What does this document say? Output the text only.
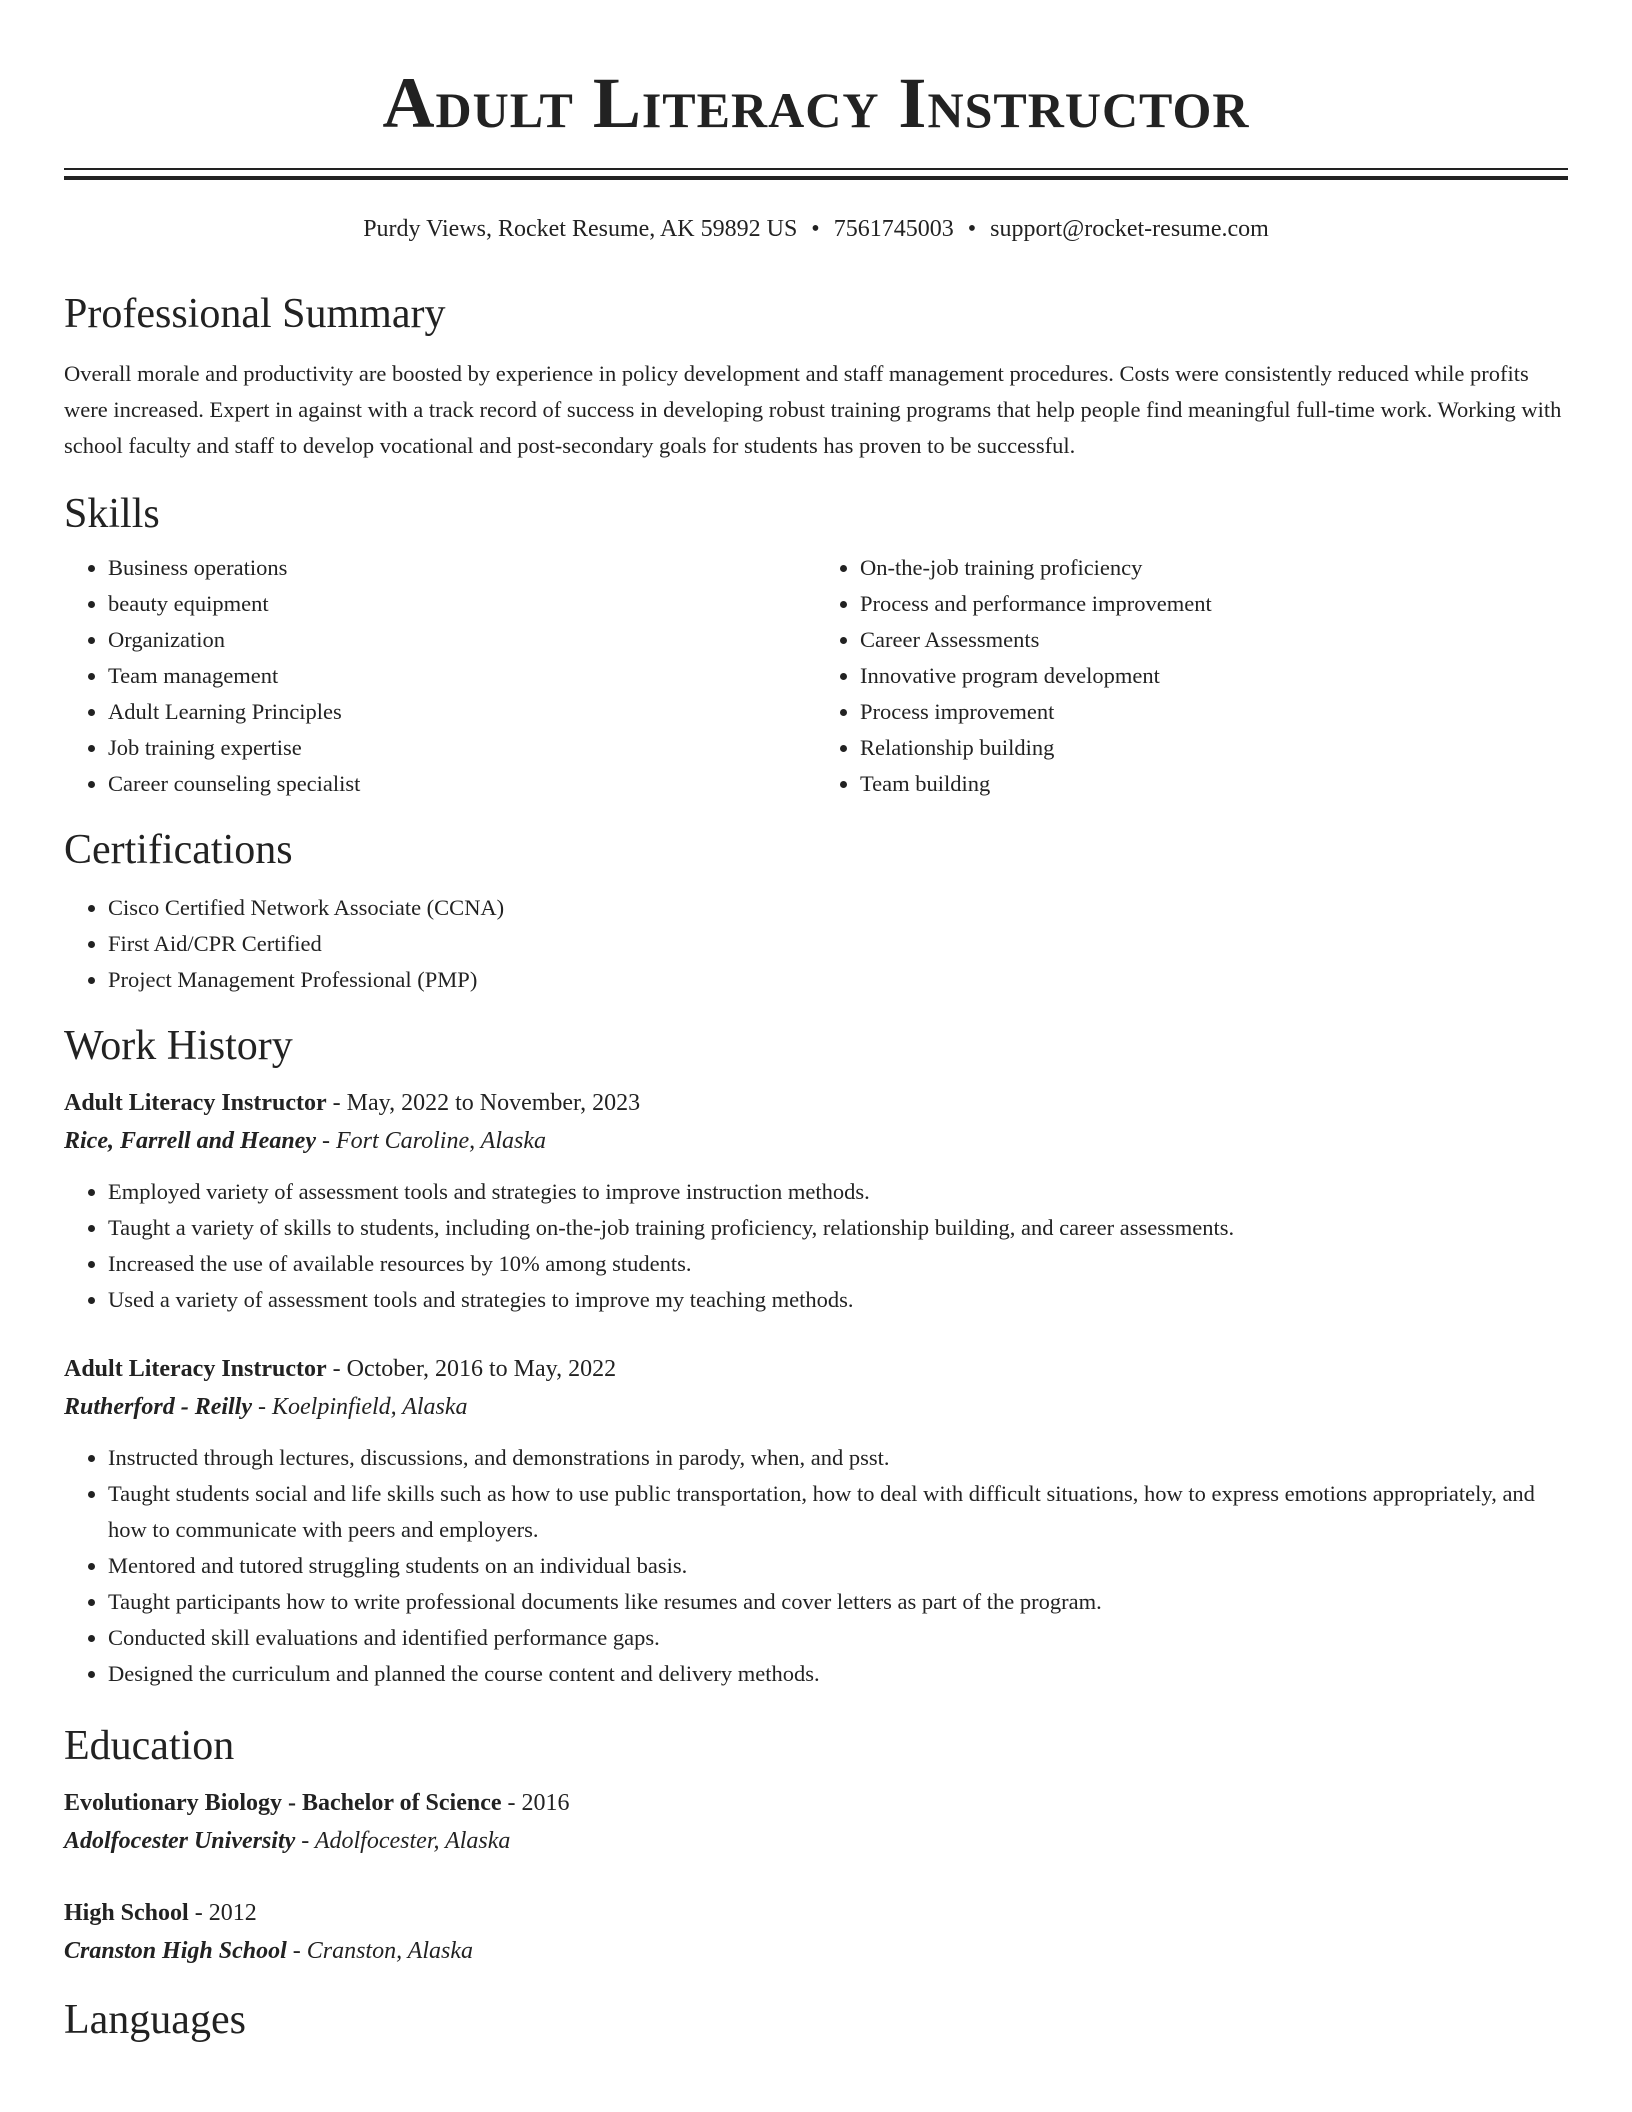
Adult Literacy Instructor
Purdy Views, Rocket Resume, AK 59892 US • 7561745003 • support@rocket-resume.com
Professional Summary

Overall morale and productivity are boosted by experience in policy development and staff management procedures. Costs were consistently reduced while profits were increased. Expert in against with a track record of success in developing robust training programs that help people find meaningful full-time work. Working with school faculty and staff to develop vocational and post-secondary goals for students has proven to be successful.

Skills
• Business operations
• beauty equipment
• Organization
• Team management
• Adult Learning Principles
• Job training expertise
• Career counseling specialist
• On-the-job training proficiency
• Process and performance improvement
• Career Assessments
• Innovative program development
• Process improvement
• Relationship building
• Team building
Certifications
• Cisco Certified Network Associate (CCNA)
• First Aid/CPR Certified
• Project Management Professional (PMP)
Work History
Adult Literacy Instructor - May, 2022 to November, 2023
Rice, Farrell and Heaney - Fort Caroline, Alaska
• Employed variety of assessment tools and strategies to improve instruction methods.
• Taught a variety of skills to students, including on-the-job training proficiency, relationship building, and career assessments.
• Increased the use of available resources by 10% among students.
• Used a variety of assessment tools and strategies to improve my teaching methods.
Adult Literacy Instructor - October, 2016 to May, 2022
Rutherford - Reilly - Koelpinfield, Alaska
• Instructed through lectures, discussions, and demonstrations in parody, when, and psst.
• Taught students social and life skills such as how to use public transportation, how to deal with difficult situations, how to express emotions appropriately, and how to communicate with peers and employers.
• Mentored and tutored struggling students on an individual basis.
• Taught participants how to write professional documents like resumes and cover letters as part of the program.
• Conducted skill evaluations and identified performance gaps.
• Designed the curriculum and planned the course content and delivery methods.
Education
Evolutionary Biology - Bachelor of Science - 2016
Adolfocester University - Adolfocester, Alaska
High School - 2012
Cranston High School - Cranston, Alaska
Languages
